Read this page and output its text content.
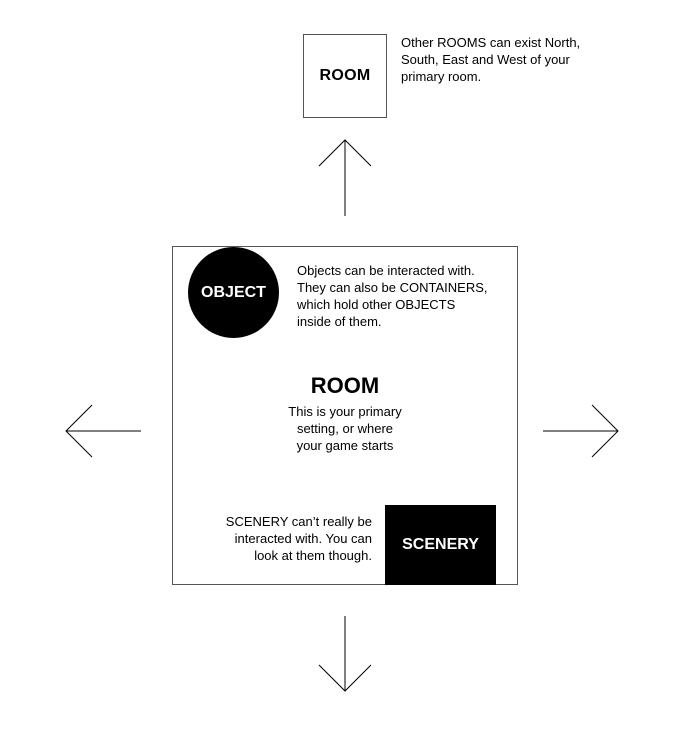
ROOM
Other ROOMS can exist North,
South, East and West of your
primary room.
OBJECT
Objects can be interacted with.
They can also be CONTAINERS,
which hold other OBJECTS
inside of them.
ROOM
This is your primary
setting, or where
your game starts
SCENERY can’t really be
interacted with. You can
look at them though.
SCENERY
